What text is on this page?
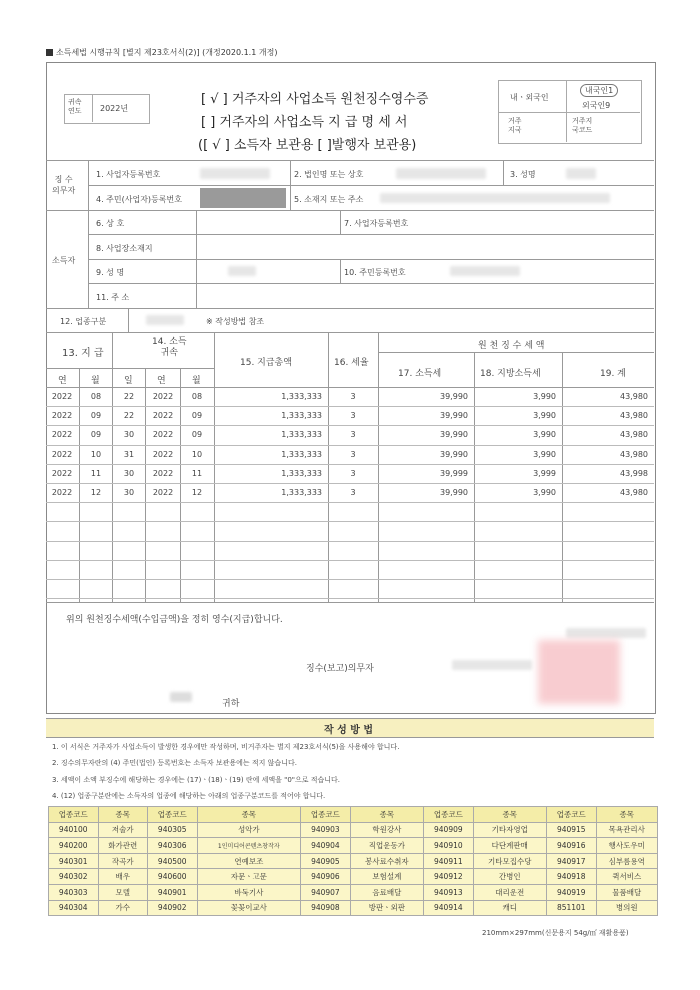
소득세법 시행규칙 [별지 제23호서식(2)] (개정2020.1.1 개정)
귀속
연도 2022년
[ √ ] 거주자의 사업소득 원천징수영수증
[ ] 거주자의 사업소득 지 급 명 세 서
([ √ ] 소득자 보관용 [ ]발행자 보관용)
내ㆍ외국인
내국인1
외국인9
거주
지국
거주지
국코드
징 수
의무자
1. 사업자등록번호	2. 법인명 또는 상호	3. 성명
4. 주민(사업자)등록번호	5. 소재지 또는 주소
소득자
6. 상 호	7. 사업자등록번호
8. 사업장소재지
9. 성 명	10. 주민등록번호
11. 주 소
12. 업종구분	※ 작성방법 참조
13. 지 급
14. 소득
귀속
연	월	일	연	월
15. 지급총액	16. 세율
원 천 징 수 세 액
17. 소득세	18. 지방소득세	19. 계
2022	08	22	2022	08	1,333,333	3	39,990	3,990	43,980
2022	09	22	2022	09	1,333,333	3	39,990	3,990	43,980
2022	09	30	2022	09	1,333,333	3	39,990	3,990	43,980
2022	10	31	2022	10	1,333,333	3	39,990	3,990	43,980
2022	11	30	2022	11	1,333,333	3	39,999	3,999	43,998
2022	12	30	2022	12	1,333,333	3	39,990	3,990	43,980
위의 원천징수세액(수입금액)을 정히 영수(지급)합니다.
징수(보고)의무자
귀하
작 성 방 법
1. 이 서식은 거주자가 사업소득이 발생한 경우에만 작성하며, 비거주자는 별지 제23호서식(5)을 사용해야 합니다.
2. 징수의무자란의 (4) 주민(법인) 등록번호는 소득자 보관용에는 적지 않습니다.
3. 세액이 소액 부징수에 해당하는 경우에는 (17)ㆍ(18)ㆍ(19) 란에 세액을 "0"으로 적습니다.
4. (12) 업종구분란에는 소득자의 업종에 해당하는 아래의 업종구분코드를 적어야 합니다.
업종코드	종목	업종코드	종목	업종코드	종목	업종코드	종목	업종코드	종목
940100	저술가	940305	성악가	940903	학원강사	940909	기타자영업	940915	목욕관리사
940200	화가관련	940306	1인미디어콘텐츠창작자	940904	직업운동가	940910	다단계판매	940916	행사도우미
940301	작곡가	940500	연예보조	940905	봉사료수취자	940911	기타모집수당	940917	심부름용역
940302	배우	940600	자문ㆍ고문	940906	보험설계	940912	간병인	940918	퀵서비스
940303	모델	940901	바둑기사	940907	음료배달	940913	대리운전	940919	물품배달
940304	가수	940902	꽃꽂이교사	940908	방판ㆍ외판	940914	캐디	851101	병의원
210mm×297mm(신문용지 54g/㎡ 재활용품)
